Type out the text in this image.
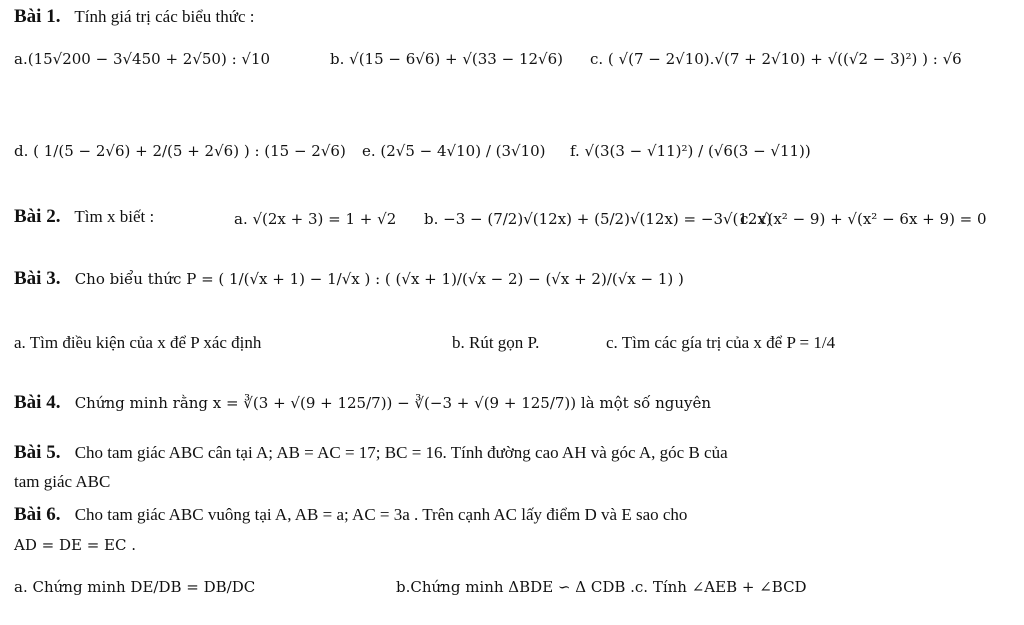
Bài 1. Tính giá trị các biểu thức :
a.(15√200 − 3√450 + 2√50) : √10	b. √(15 − 6√6) + √(33 − 12√6) c. ( √(7 − 2√10).√(7 + 2√10) + √((√2 − 3)²) ) : √6
d. ( 1/(5 − 2√6) + 2/(5 + 2√6) ) : (15 − 2√6) e. (2√5 − 4√10) / (3√10) f. √(3(3 − √11)²) / (√6(3 − √11))
Bài 2. Tìm x biết :	a. √(2x + 3) = 1 + √2 b. −3 − (7/2)√(12x) + (5/2)√(12x) = −3√(12x)
c. √(x² − 9) + √(x² − 6x + 9) = 0
Bài 3. Cho biểu thức P = ( 1/(√x + 1) − 1/√x ) : ( (√x + 1)/(√x − 2) − (√x + 2)/(√x − 1) )
a. Tìm điều kiện của x để P xác định	b. Rút gọn P.	c. Tìm các gía trị của x để P = 1/4
Bài 4. Chứng minh rằng x = ∛(3 + √(9 + 125/7)) − ∛(−3 + √(9 + 125/7)) là một số nguyên
Bài 5. Cho tam giác ABC cân tại A; AB = AC = 17; BC = 16. Tính đường cao AH và góc A, góc B của
tam giác ABC
Bài 6. Cho tam giác ABC vuông tại A, AB = a; AC = 3a . Trên cạnh AC lấy điểm D và E sao cho
AD = DE = EC .
a. Chứng minh DE/DB = DB/DC	b.Chứng minh ΔBDE ∽ Δ CDB .c. Tính ∠AEB + ∠BCD
